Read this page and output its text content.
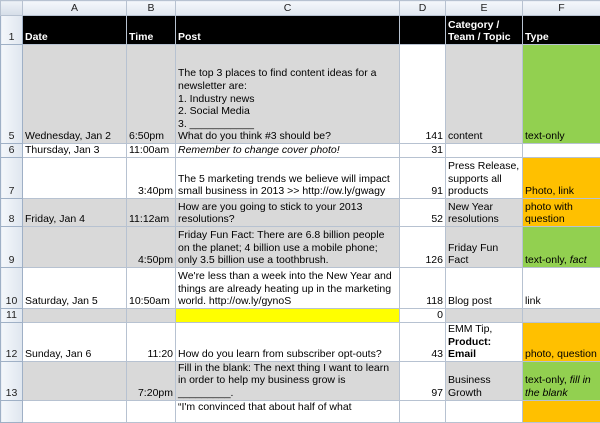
	A	B	C	D	E	F
1	Date	Time	Post		Category / Team / Topic	Type
5	Wednesday, Jan 2	6:50pm	The top 3 places to find content ideas for a newsletter are:
1. Industry news
2. Social Media
3. ___________
What do you think #3 should be?	141	content	text-only
6	Thursday, Jan 3	11:00am	Remember to change cover photo!	31		
7		3:40pm	The 5 marketing trends we believe will impact small business in 2013 >> http://ow.ly/gwagy	91	Press Release, supports all products	Photo, link
8	Friday, Jan 4	11:12am	How are you going to stick to your 2013 resolutions?	52	New Year resolutions	photo with question
9		4:50pm	Friday Fun Fact: There are 6.8 billion people on the planet; 4 billion use a mobile phone; only 3.5 billion use a toothbrush.	126	Friday Fun Fact	text-only, fact
10	Saturday, Jan 5	10:50am	We're less than a week into the New Year and things are already heating up in the marketing world. http://ow.ly/gynoS	118	Blog post	link
11				0		
12	Sunday, Jan 6	11:20	How do you learn from subscriber opt-outs?	43	EMM Tip, Product: Email	photo, question
13		7:20pm	Fill in the blank: The next thing I want to learn in order to help my business grow is _________.	97	Business Growth	text-only, fill in the blank
			“I'm convinced that about half of what			
